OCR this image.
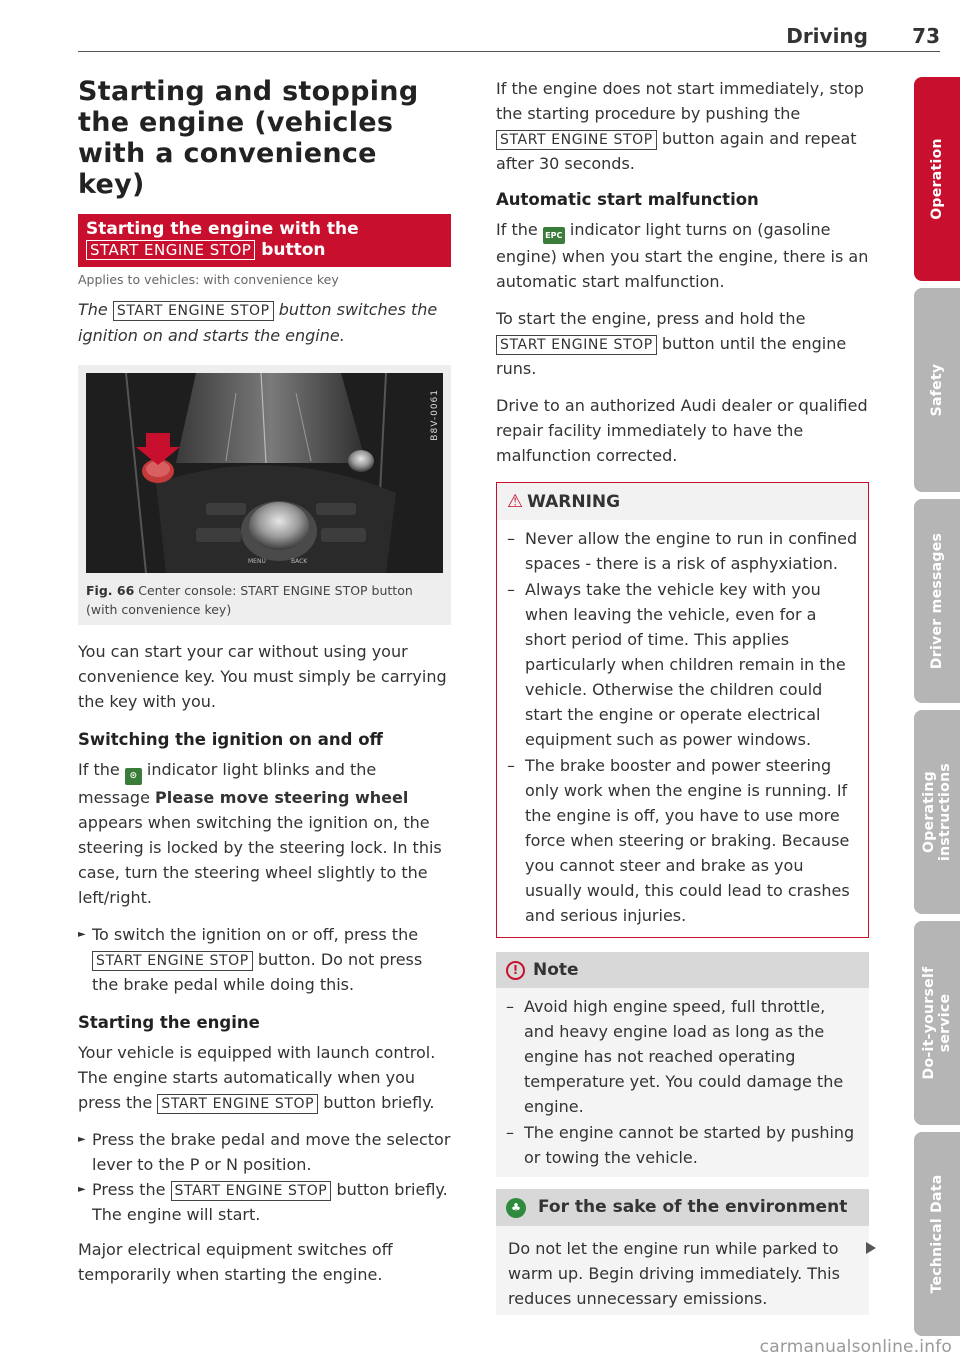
Driving 73
Starting and stopping the engine (vehicles with a convenience key)
Starting the engine with the
START ENGINE STOP button
Applies to vehicles: with convenience key
The START ENGINE STOP button switches the ignition on and starts the engine.
MENU	BACK
B8V-0061
Fig. 66 Center console: START ENGINE STOP button (with convenience key)

You can start your car without using your convenience key. You must simply be carrying the key with you.

Switching the ignition on and off

If the ⊙ indicator light blinks and the message Please move steering wheel appears when switching the ignition on, the steering is locked by the steering lock. In this case, turn the steering wheel slightly to the left/right.

► To switch the ignition on or off, press the START ENGINE STOP button. Do not press the brake pedal while doing this.
Starting the engine

Your vehicle is equipped with launch control. The engine starts automatically when you press the START ENGINE STOP button briefly.

► Press the brake pedal and move the selector lever to the P or N position.
► Press the START ENGINE STOP button briefly. The engine will start.

Major electrical equipment switches off temporarily when starting the engine.

If the engine does not start immediately, stop the starting procedure by pushing the START ENGINE STOP button again and repeat after 30 seconds.

Automatic start malfunction

If the EPC indicator light turns on (gasoline engine) when you start the engine, there is an automatic start malfunction.

To start the engine, press and hold the START ENGINE STOP button until the engine runs.

Drive to an authorized Audi dealer or qualified repair facility immediately to have the malfunction corrected.

⚠ WARNING
– Never allow the engine to run in confined spaces - there is a risk of asphyxiation.
– Always take the vehicle key with you when leaving the vehicle, even for a short period of time. This applies particularly when children remain in the vehicle. Otherwise the children could start the engine or operate electrical equipment such as power windows.
– The brake booster and power steering only work when the engine is running. If the engine is off, you have to use more force when steering or braking. Because you cannot steer and brake as you usually would, this could lead to crashes and serious injuries.
! Note
– Avoid high engine speed, full throttle, and heavy engine load as long as the engine has not reached operating temperature yet. You could damage the engine.
– The engine cannot be started by pushing or towing the vehicle.
♣ For the sake of the environment

Do not let the engine run while parked to warm up. Begin driving immediately. This reduces unnecessary emissions.

Operation
Safety
Driver messages
Operating instructions
Do-it-yourself service
Technical Data
carmanualsonline.info
